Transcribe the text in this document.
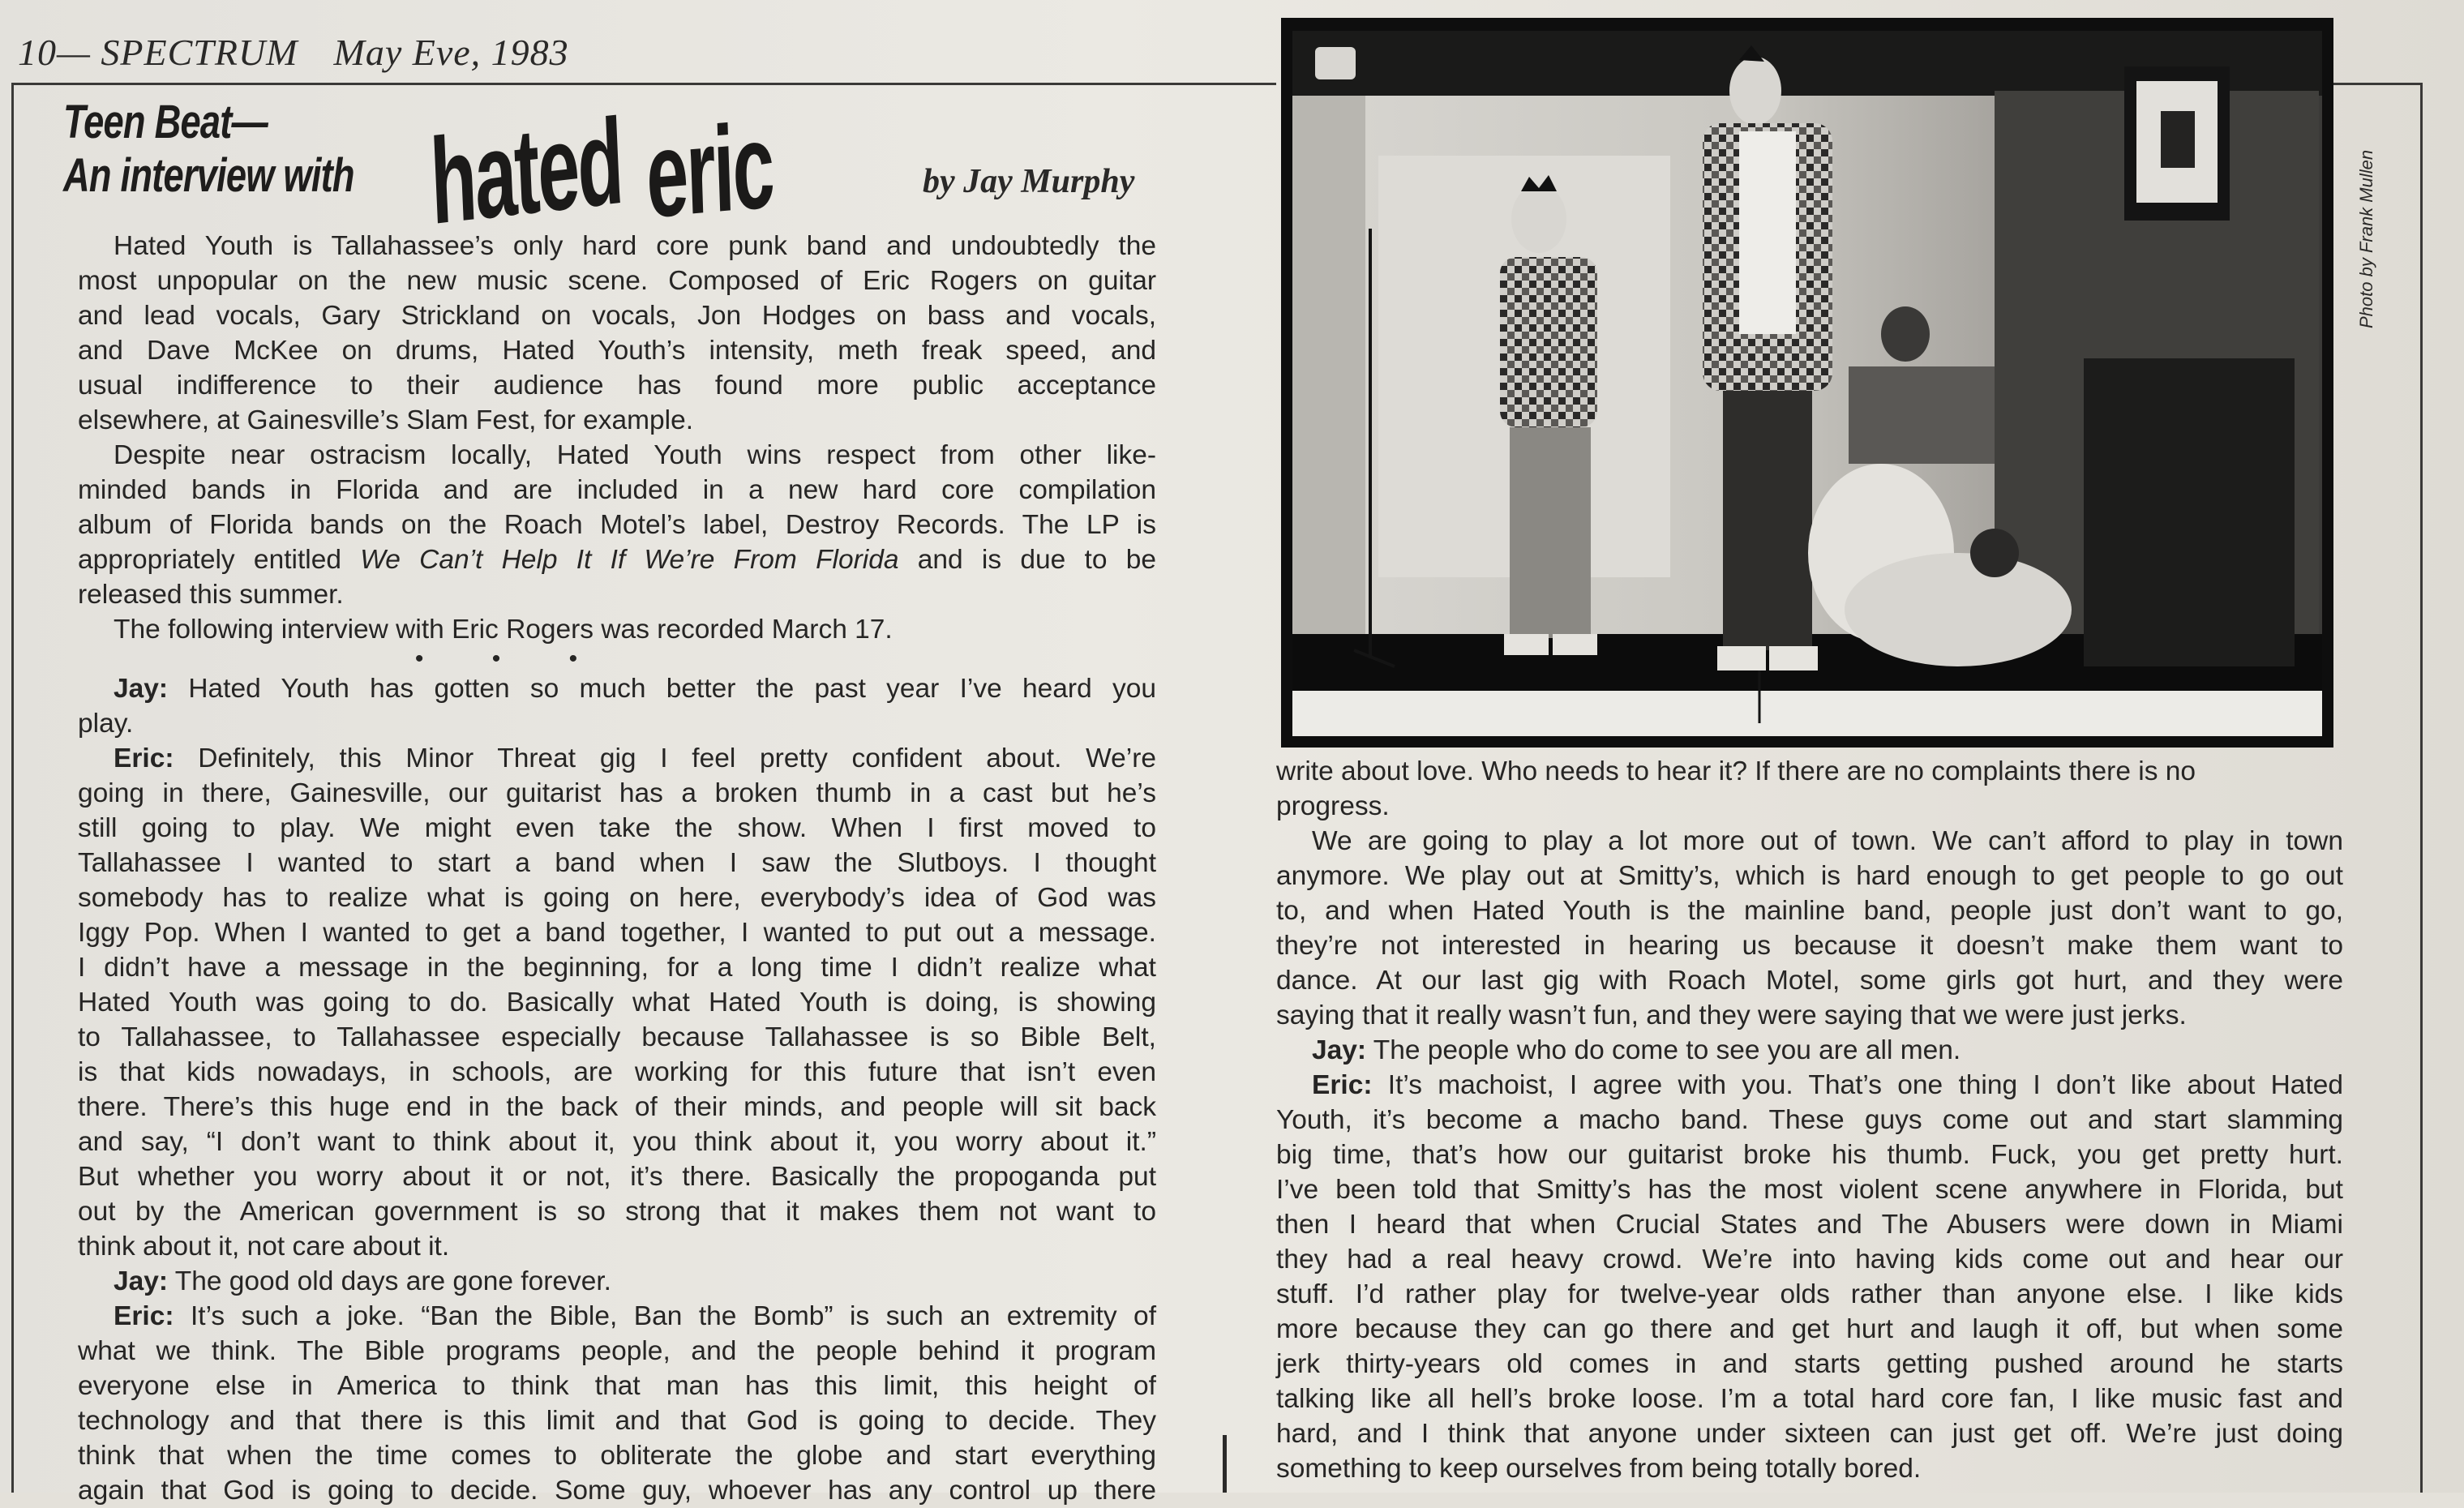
10— SPECTRUM May Eve, 1983
Teen Beat—
An interview with hated eric	by Jay Murphy
Hated Youth is Tallahassee’s only hard core punk band and undoubtedly the
most unpopular on the new music scene. Composed of Eric Rogers on guitar
and lead vocals, Gary Strickland on vocals, Jon Hodges on bass and vocals,
and Dave McKee on drums, Hated Youth’s intensity, meth freak speed, and
usual indifference to their audience has found more public acceptance
elsewhere, at Gainesville’s Slam Fest, for example.
Despite near ostracism locally, Hated Youth wins respect from other like-
minded bands in Florida and are included in a new hard core compilation
album of Florida bands on the Roach Motel’s label, Destroy Records. The LP is
appropriately entitled We Can’t Help It If We’re From Florida and is due to be
released this summer.
The following interview with Eric Rogers was recorded March 17.
• • •
Jay: Hated Youth has gotten so much better the past year I’ve heard you
play.
Eric: Definitely, this Minor Threat gig I feel pretty confident about. We’re
going in there, Gainesville, our guitarist has a broken thumb in a cast but he’s
still going to play. We might even take the show. When I first moved to
Tallahassee I wanted to start a band when I saw the Slutboys. I thought
somebody has to realize what is going on here, everybody’s idea of God was
Iggy Pop. When I wanted to get a band together, I wanted to put out a message.
I didn’t have a message in the beginning, for a long time I didn’t realize what
Hated Youth was going to do. Basically what Hated Youth is doing, is showing
to Tallahassee, to Tallahassee especially because Tallahassee is so Bible Belt,
is that kids nowadays, in schools, are working for this future that isn’t even
there. There’s this huge end in the back of their minds, and people will sit back
and say, “I don’t want to think about it, you think about it, you worry about it.”
But whether you worry about it or not, it’s there. Basically the propoganda put
out by the American government is so strong that it makes them not want to
think about it, not care about it.
Jay: The good old days are gone forever.
Eric: It’s such a joke. “Ban the Bible, Ban the Bomb” is such an extremity of
what we think. The Bible programs people, and the people behind it program
everyone else in America to think that man has this limit, this height of
technology and that there is this limit and that God is going to decide. They
think that when the time comes to obliterate the globe and start everything
again that God is going to decide. Some guy, whoever has any control up there
Photo by Frank Mullen
write about love. Who needs to hear it? If there are no complaints there is no
progress.
We are going to play a lot more out of town. We can’t afford to play in town
anymore. We play out at Smitty’s, which is hard enough to get people to go out
to, and when Hated Youth is the mainline band, people just don’t want to go,
they’re not interested in hearing us because it doesn’t make them want to
dance. At our last gig with Roach Motel, some girls got hurt, and they were
saying that it really wasn’t fun, and they were saying that we were just jerks.
Jay: The people who do come to see you are all men.
Eric: It’s machoist, I agree with you. That’s one thing I don’t like about Hated
Youth, it’s become a macho band. These guys come out and start slamming
big time, that’s how our guitarist broke his thumb. Fuck, you get pretty hurt.
I’ve been told that Smitty’s has the most violent scene anywhere in Florida, but
then I heard that when Crucial States and The Abusers were down in Miami
they had a real heavy crowd. We’re into having kids come out and hear our
stuff. I’d rather play for twelve-year olds rather than anyone else. I like kids
more because they can go there and get hurt and laugh it off, but when some
jerk thirty-years old comes in and starts getting pushed around he starts
talking like all hell’s broke loose. I’m a total hard core fan, I like music fast and
hard, and I think that anyone under sixteen can just get off. We’re just doing
something to keep ourselves from being totally bored.
